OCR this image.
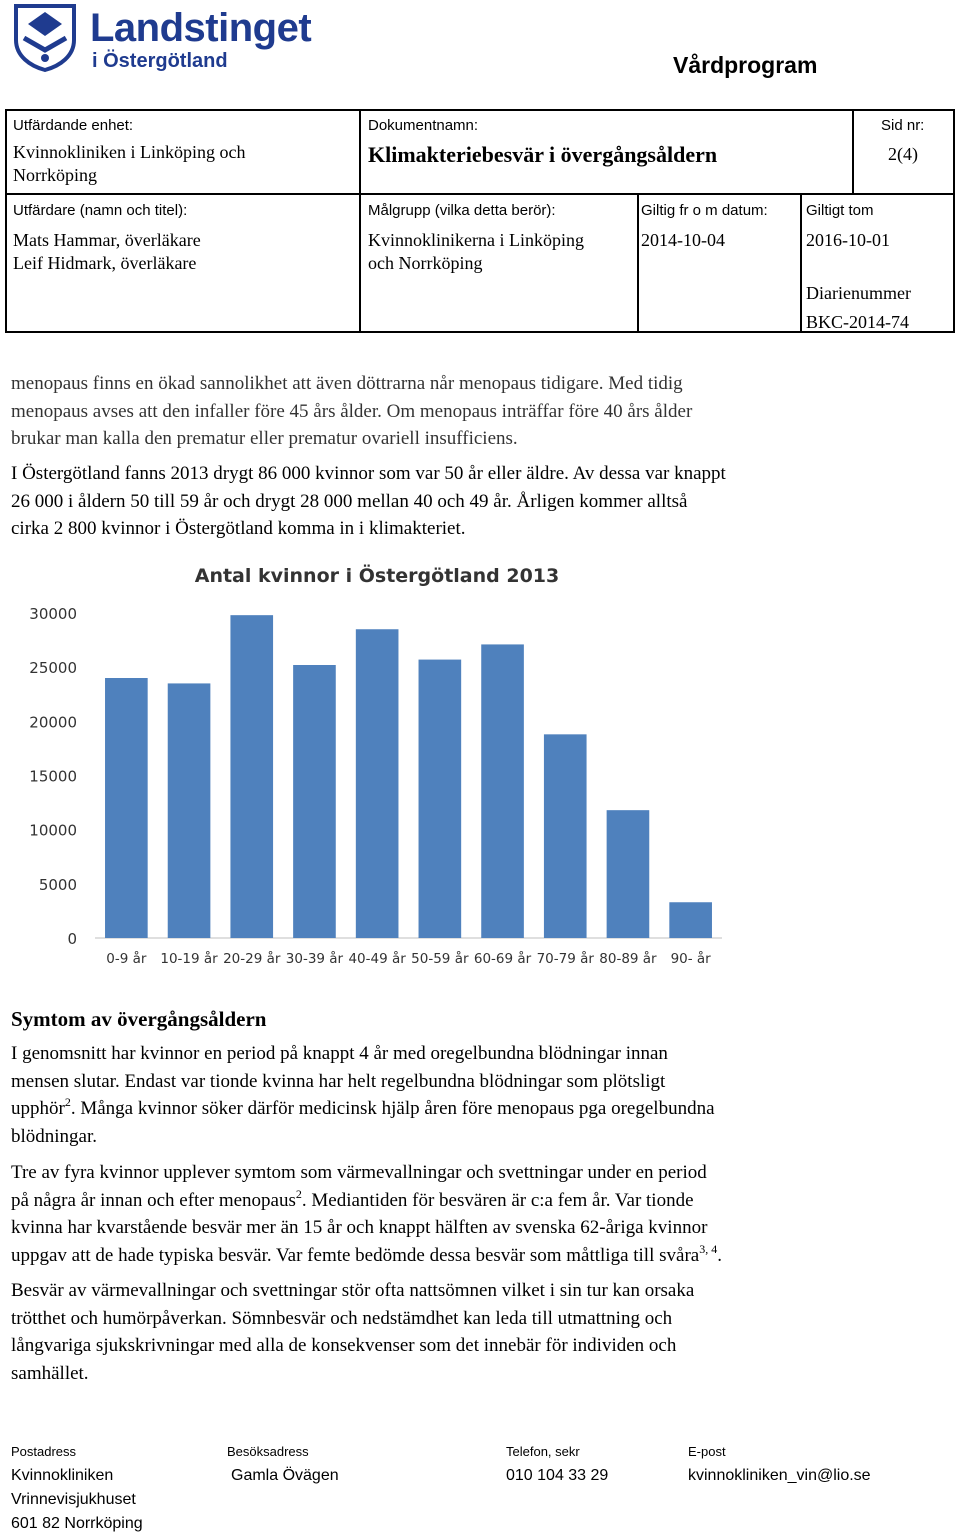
Landstinget
i Östergötland	Vårdprogram
Utfärdande enhet:
Kvinnokliniken i Linköping och
Norrköping
Dokumentnamn:
Klimakteriebesvär i övergångsåldern
Sid nr:
2(4)
Utfärdare (namn och titel):
Mats Hammar, överläkare
Leif Hidmark, överläkare
Målgrupp (vilka detta berör):
Kvinnoklinikerna i Linköping
och Norrköping
Giltig fr o m datum:
2014-10-04
Giltigt tom
2016-10-01
Diarienummer
BKC-2014-74
menopaus finns en ökad sannolikhet att även döttrarna når menopaus tidigare. Med tidig
menopaus avses att den infaller före 45 års ålder. Om menopaus inträffar före 40 års ålder
brukar man kalla den prematur eller prematur ovariell insufficiens.
I Östergötland fanns 2013 drygt 86 000 kvinnor som var 50 år eller äldre. Av dessa var knappt
26 000 i åldern 50 till 59 år och drygt 28 000 mellan 40 och 49 år. Årligen kommer alltså
cirka 2 800 kvinnor i Östergötland komma in i klimakteriet.
Antal kvinnor i Östergötland 2013
0
5000
10000
15000
20000
25000
30000
0-9 år 10-19 år 20-29 år 30-39 år 40-49 år 50-59 år 60-69 år 70-79 år 80-89 år 90- år
Symtom av övergångsåldern
I genomsnitt har kvinnor en period på knappt 4 år med oregelbundna blödningar innan
mensen slutar. Endast var tionde kvinna har helt regelbundna blödningar som plötsligt
upphör$^2$. Många kvinnor söker därför medicinsk hjälp åren före menopaus pga oregelbundna
blödningar.
Tre av fyra kvinnor upplever symtom som värmevallningar och svettningar under en period
på några år innan och efter menopaus$^2$. Mediantiden för besvären är c:a fem år. Var tionde
kvinna har kvarstående besvär mer än 15 år och knappt hälften av svenska 62-åriga kvinnor
uppgav att de hade typiska besvär. Var femte bedömde dessa besvär som måttliga till svåra$^{3, 4}$.
Besvär av värmevallningar och svettningar stör ofta nattsömnen vilket i sin tur kan orsaka
trötthet och humörpåverkan. Sömnbesvär och nedstämdhet kan leda till utmattning och
långvariga sjukskrivningar med alla de konsekvenser som det innebär för individen och
samhället.
Postadress
Kvinnokliniken
Vrinnevisjukhuset
601 82 Norrköping
Besöksadress
Gamla Övägen
Telefon, sekr
010 104 33 29
E-post
kvinnokliniken_vin@lio.se
